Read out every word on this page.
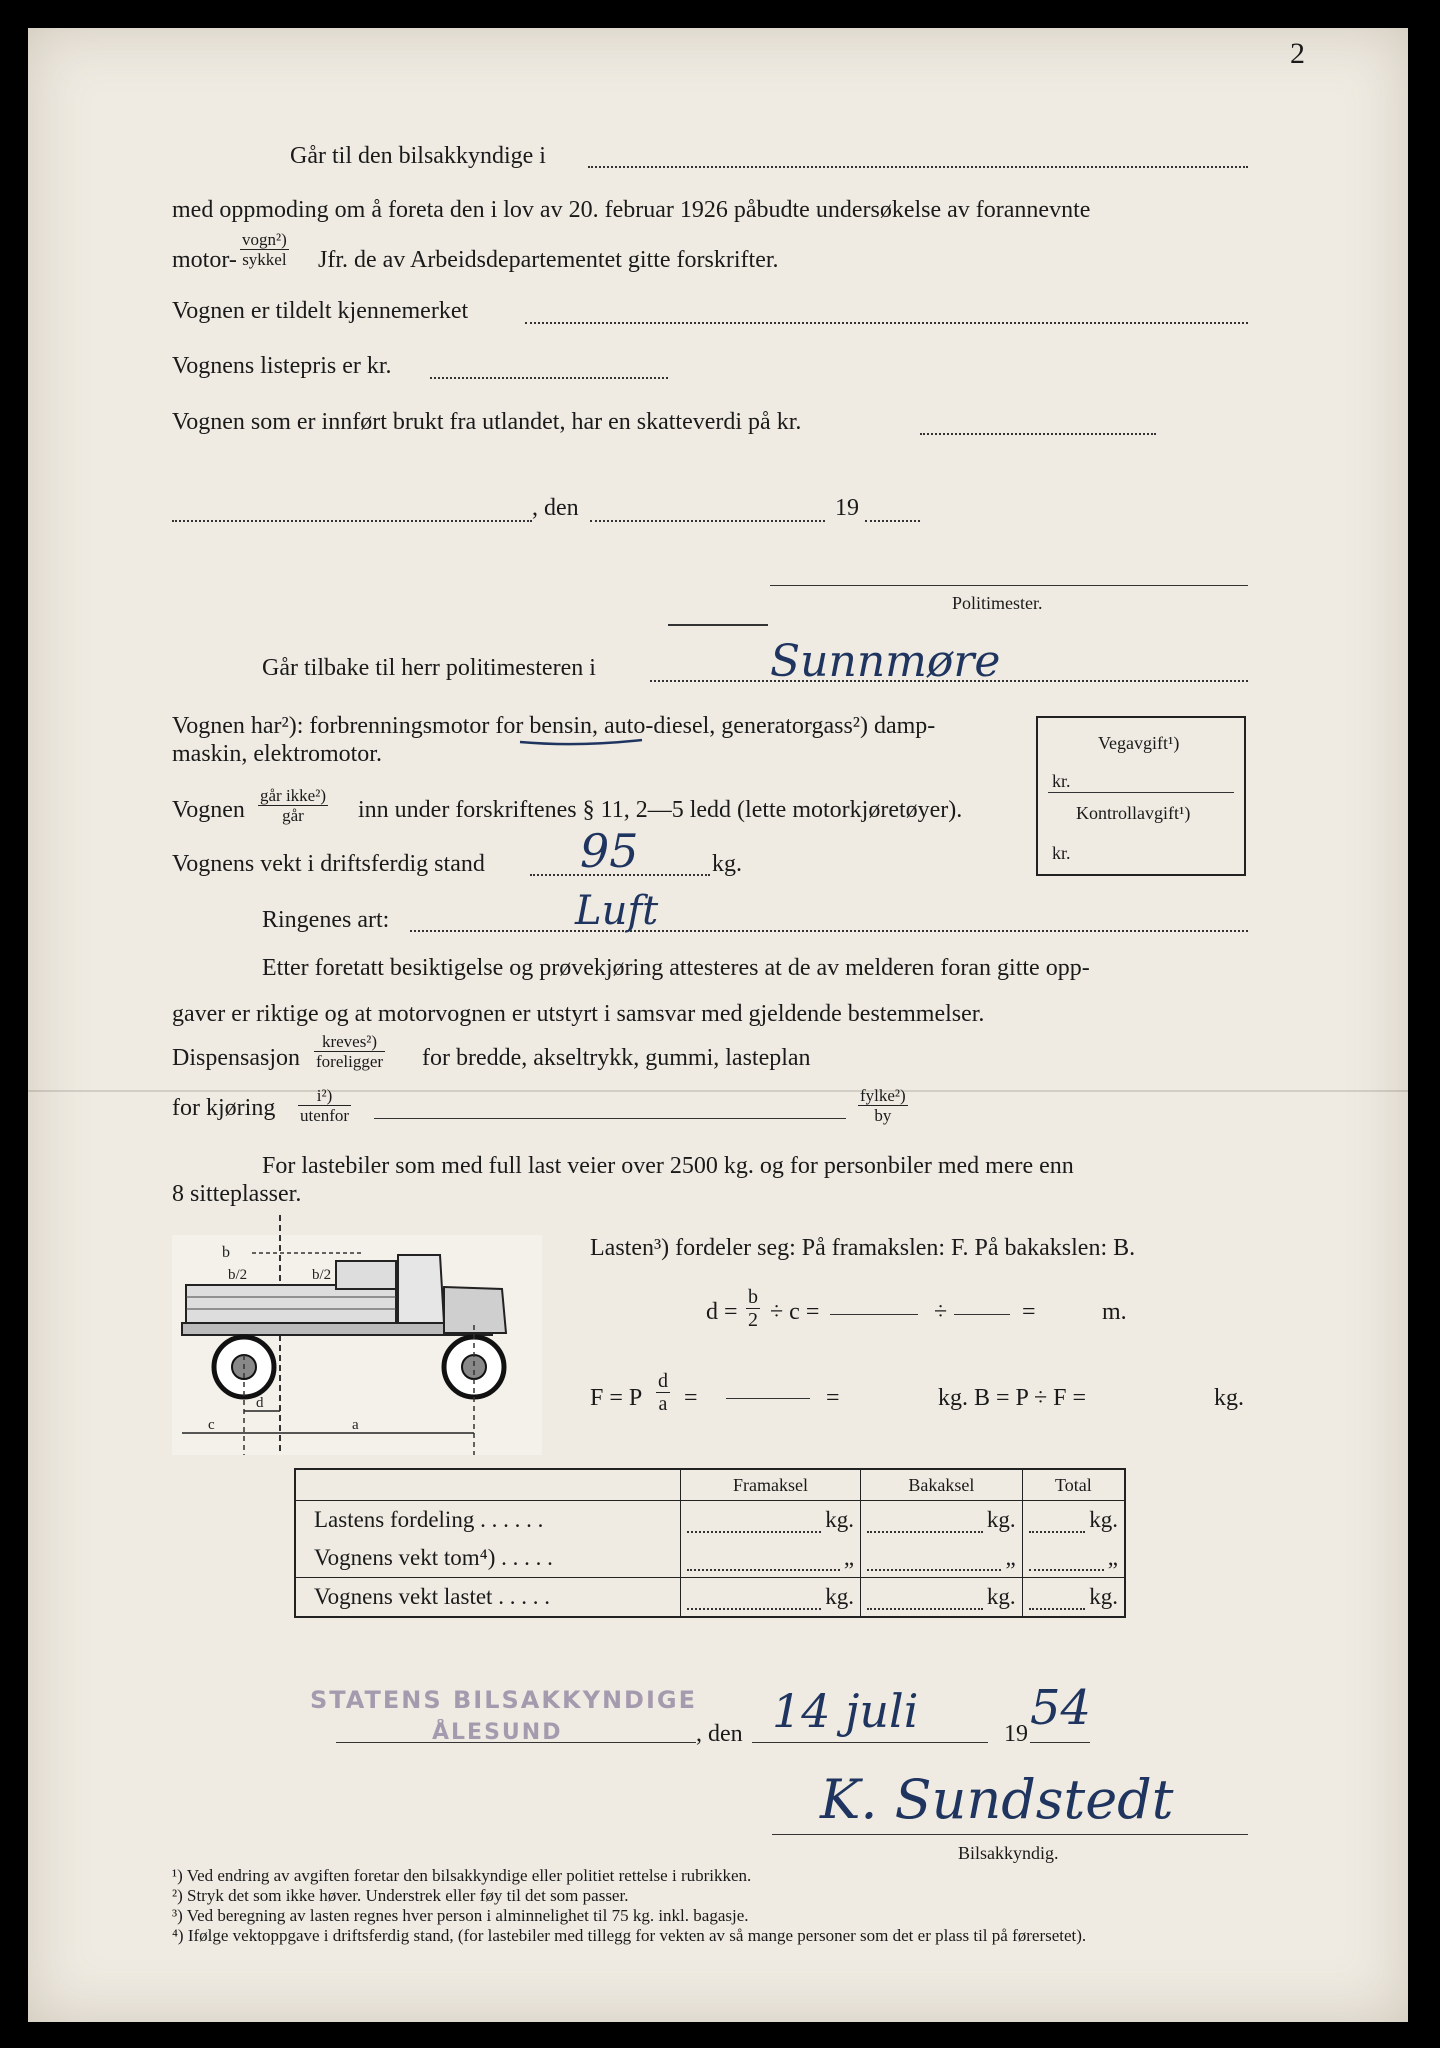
2
Går til den bilsakkyndige i
med oppmoding om å foreta den i lov av 20. februar 1926 påbudte undersøkelse av forannevnte
motor-
vogn²)
sykkel Jfr. de av Arbeidsdepartementet gitte forskrifter.
Vognen er tildelt kjennemerket
Vognens listepris er kr.
Vognen som er innført brukt fra utlandet, har en skatteverdi på kr.
, den	19
Politimester.
Går tilbake til herr politimesteren i	Sunnmøre
Vognen har²): forbrenningsmotor for bensin, auto-diesel, generatorgass²) damp-
maskin, elektromotor.
Vognen
går ikke²)
går	inn under forskriftenes § 11, 2—5 ledd (lette motorkjøretøyer).
Vognens vekt i driftsferdig stand 95	kg.
Ringenes art:	Luft
Etter foretatt besiktigelse og prøvekjøring attesteres at de av melderen foran gitte opp-
gaver er riktige og at motorvognen er utstyrt i samsvar med gjeldende bestemmelser.
Dispensasjon
kreves²)
foreligger for bredde, akseltrykk, gummi, lasteplan
for kjøring	i²)
utenfor
fylke²)
by
Vegavgift¹)
kr.
Kontrollavgift¹)
kr.
For lastebiler som med full last veier over 2500 kg. og for personbiler med mere enn
8 sitteplasser.
b
b/2	b/2
d
c	a
Lasten³) fordeler seg: På framakslen: F. På bakakslen: B.
$d = \frac{b}{2} \div c$ =	÷	=	m.
F = P $\frac{d}{a}$ =	=	kg. B = P ÷ F =	kg.
	Framaksel	Bakaksel	Total
Lastens fordeling . . . . . .	kg.	kg.	kg.

Vognens vekt tom⁴) . . . . .	„	„	„

Vognens vekt lastet . . . . .	kg.	kg.	kg.
STATENS BILSAKKYNDIGE
ÅLESUND	, den 14 juli	19 54
K. Sundstedt
Bilsakkyndig.
¹) Ved endring av avgiften foretar den bilsakkyndige eller politiet rettelse i rubrikken.
²) Stryk det som ikke høver. Understrek eller føy til det som passer.
³) Ved beregning av lasten regnes hver person i alminnelighet til 75 kg. inkl. bagasje.
⁴) Ifølge vektoppgave i driftsferdig stand, (for lastebiler med tillegg for vekten av så mange personer som det er plass til på førersetet).
